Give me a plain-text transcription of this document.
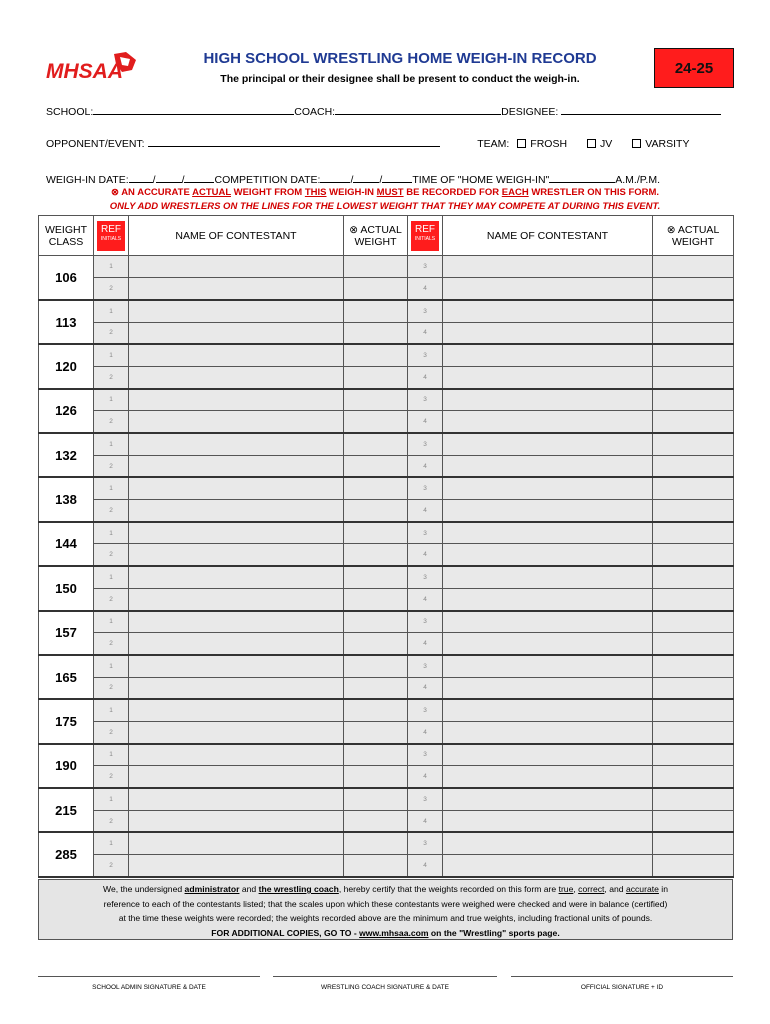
MHSAA
HIGH SCHOOL WRESTLING HOME WEIGH-IN RECORD
The principal or their designee shall be present to conduct the weigh-in.
24-25
SCHOOL:	COACH:	DESIGNEE:
OPPONENT/EVENT:	TEAM: FROSH	JV	VARSITY
WEIGH-IN DATE: / /	COMPETITION DATE:	/ /	TIME OF "HOME WEIGH-IN"	A.M./P.M.
⊗ AN ACCURATE ACTUAL WEIGHT FROM THIS WEIGH-IN MUST BE RECORDED FOR EACH WRESTLER ON THIS FORM.
ONLY ADD WRESTLERS ON THE LINES FOR THE LOWEST WEIGHT THAT THEY MAY COMPETE AT DURING THIS EVENT.
WEIGHT
CLASS	REF
INITIALS	NAME OF CONTESTANT	⊗ ACTUAL
WEIGHT	REF
INITIALS	NAME OF CONTESTANT	⊗ ACTUAL
WEIGHT
106	1			3		
	2			4		
113	1			3		
	2			4		
120	1			3		
	2			4		
126	1			3		
	2			4		
132	1			3		
	2			4		
138	1			3		
	2			4		
144	1			3		
	2			4		
150	1			3		
	2			4		
157	1			3		
	2			4		
165	1			3		
	2			4		
175	1			3		
	2			4		
190	1			3		
	2			4		
215	1			3		
	2			4		
285	1			3		
	2			4		
We, the undersigned administrator and the wrestling coach, hereby certify that the weights recorded on this form are true, correct, and accurate in
reference to each of the contestants listed; that the scales upon which these contestants were weighed were checked and were in balance (certified)
at the time these weights were recorded; the weights recorded above are the minimum and true weights, including fractional units of pounds.
FOR ADDITIONAL COPIES, GO TO - www.mhsaa.com on the "Wrestling" sports page.
SCHOOL ADMIN SIGNATURE & DATE	WRESTLING COACH SIGNATURE & DATE	OFFICIAL SIGNATURE + ID
